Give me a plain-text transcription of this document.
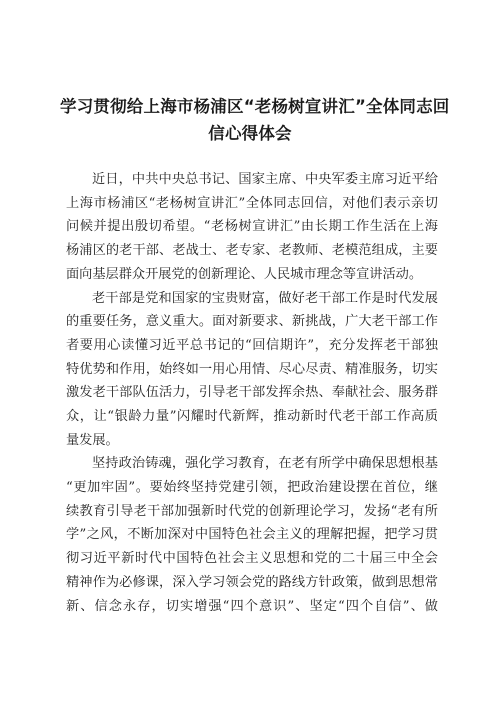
学习贯彻给上海市杨浦区“老杨树宣讲汇”全体同志回
信心得体会
近日，中共中央总书记、国家主席、中央军委主席习近平给
上海市杨浦区“老杨树宣讲汇”全体同志回信，对他们表示亲切
问候并提出殷切希望。“老杨树宣讲汇”由长期工作生活在上海
杨浦区的老干部、老战士、老专家、老教师、老模范组成，主要
面向基层群众开展党的创新理论、人民城市理念等宣讲活动。
老干部是党和国家的宝贵财富，做好老干部工作是时代发展
的重要任务，意义重大。面对新要求、新挑战，广大老干部工作
者要用心读懂习近平总书记的“回信期许”，充分发挥老干部独
特优势和作用，始终如一用心用情、尽心尽责、精准服务，切实
激发老干部队伍活力，引导老干部发挥余热、奉献社会、服务群
众，让“银龄力量”闪耀时代新辉，推动新时代老干部工作高质
量发展。
坚持政治铸魂，强化学习教育，在老有所学中确保思想根基
“更加牢固”。要始终坚持党建引领，把政治建设摆在首位，继
续教育引导老干部加强新时代党的创新理论学习，发扬“老有所
学”之风，不断加深对中国特色社会主义的理解把握，把学习贯
彻习近平新时代中国特色社会主义思想和党的二十届三中全会
精神作为必修课，深入学习领会党的路线方针政策，做到思想常
新、信念永存，切实增强“四个意识”、坚定“四个自信”、做
